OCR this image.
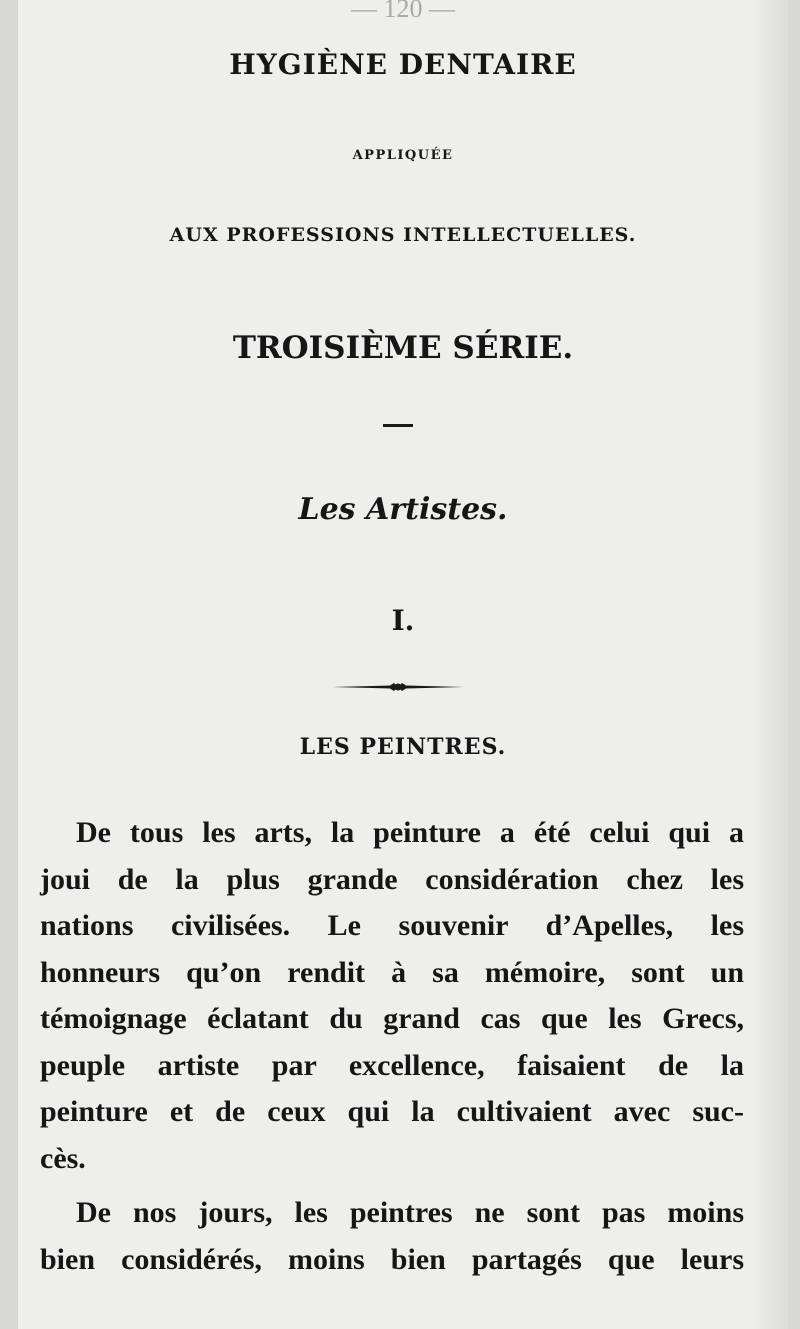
— 120 —
HYGIÈNE DENTAIRE
APPLIQUÉE
AUX PROFESSIONS INTELLECTUELLES.
TROISIÈME SÉRIE.
Les Artistes.
I.
LES PEINTRES.

De tous les arts, la peinture a été celui qui a
joui de la plus grande considération chez les
nations civilisées. Le souvenir d’Apelles, les
honneurs qu’on rendit à sa mémoire, sont un
témoignage éclatant du grand cas que les Grecs,
peuple artiste par excellence, faisaient de la
peinture et de ceux qui la cultivaient avec suc-
cès.

De nos jours, les peintres ne sont pas moins
bien considérés, moins bien partagés que leurs
